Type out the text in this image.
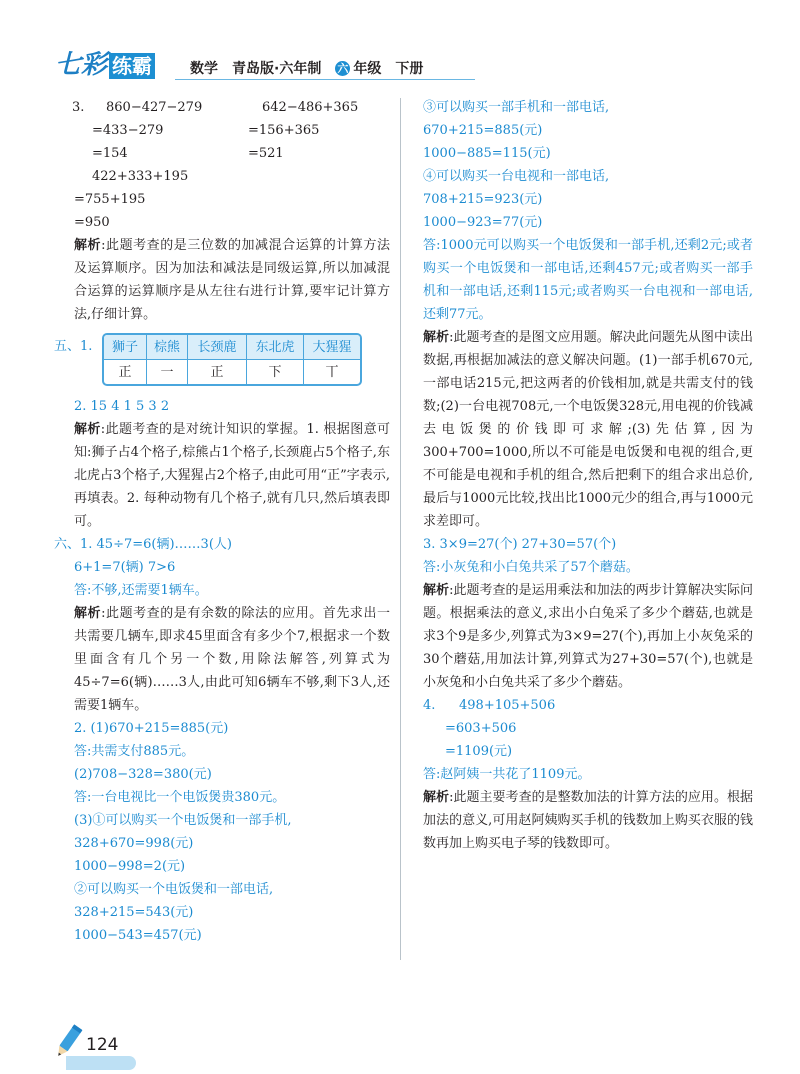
七彩 练霸	数学 青岛版·六年制 六 年级 下册
3. 860−427−279	642−486+365
=433−279	=156+365
=154	=521
422+333+195
=755+195
=950

解析:此题考查的是三位数的加减混合运算的计算方法及运算顺序。因为加法和减法是同级运算,所以加减混合运算的运算顺序是从左往右进行计算,要牢记计算方法,仔细计算。

五、1. 狮子	棕熊	长颈鹿	东北虎	大猩猩
正	一	正	下	丅
2. 15 4 1 5 3 2

解析:此题考查的是对统计知识的掌握。1. 根据图意可知:狮子占4个格子,棕熊占1个格子,长颈鹿占5个格子,东北虎占3个格子,大猩猩占2个格子,由此可用“正”字表示,再填表。2. 每种动物有几个格子,就有几只,然后填表即可。

六、1. 45÷7=6(辆)……3(人)
6+1=7(辆) 7>6
答:不够,还需要1辆车。

解析:此题考查的是有余数的除法的应用。首先求出一共需要几辆车,即求45里面含有多少个7,根据求一个数里面含有几个另一个数,用除法解答,列算式为45÷7=6(辆)……3人,由此可知6辆车不够,剩下3人,还需要1辆车。

2. (1)670+215=885(元)
答:共需支付885元。
(2)708−328=380(元)
答:一台电视比一个电饭煲贵380元。
(3)①可以购买一个电饭煲和一部手机,
328+670=998(元)
1000−998=2(元)
②可以购买一个电饭煲和一部电话,
328+215=543(元)
1000−543=457(元)
③可以购买一部手机和一部电话,
670+215=885(元)
1000−885=115(元)
④可以购买一台电视和一部电话,
708+215=923(元)
1000−923=77(元)

答:1000元可以购买一个电饭煲和一部手机,还剩2元;或者购买一个电饭煲和一部电话,还剩457元;或者购买一部手机和一部电话,还剩115元;或者购买一台电视和一部电话,还剩77元。

解析:此题考查的是图文应用题。解决此问题先从图中读出数据,再根据加减法的意义解决问题。(1)一部手机670元,一部电话215元,把这两者的价钱相加,就是共需支付的钱数;(2)一台电视708元,一个电饭煲328元,用电视的价钱减去电饭煲的价钱即可求解;(3)先估算,因为300+700=1000,所以不可能是电饭煲和电视的组合,更不可能是电视和手机的组合,然后把剩下的组合求出总价,最后与1000元比较,找出比1000元少的组合,再与1000元求差即可。

3. 3×9=27(个) 27+30=57(个)
答:小灰兔和小白兔共采了57个蘑菇。

解析:此题考查的是运用乘法和加法的两步计算解决实际问题。根据乘法的意义,求出小白兔采了多少个蘑菇,也就是求3个9是多少,列算式为3×9=27(个),再加上小灰兔采的30个蘑菇,用加法计算,列算式为27+30=57(个),也就是小灰兔和小白兔共采了多少个蘑菇。

4. 498+105+506
=603+506
=1109(元)
答:赵阿姨一共花了1109元。

解析:此题主要考查的是整数加法的计算方法的应用。根据加法的意义,可用赵阿姨购买手机的钱数加上购买衣服的钱数再加上购买电子琴的钱数即可。

124
